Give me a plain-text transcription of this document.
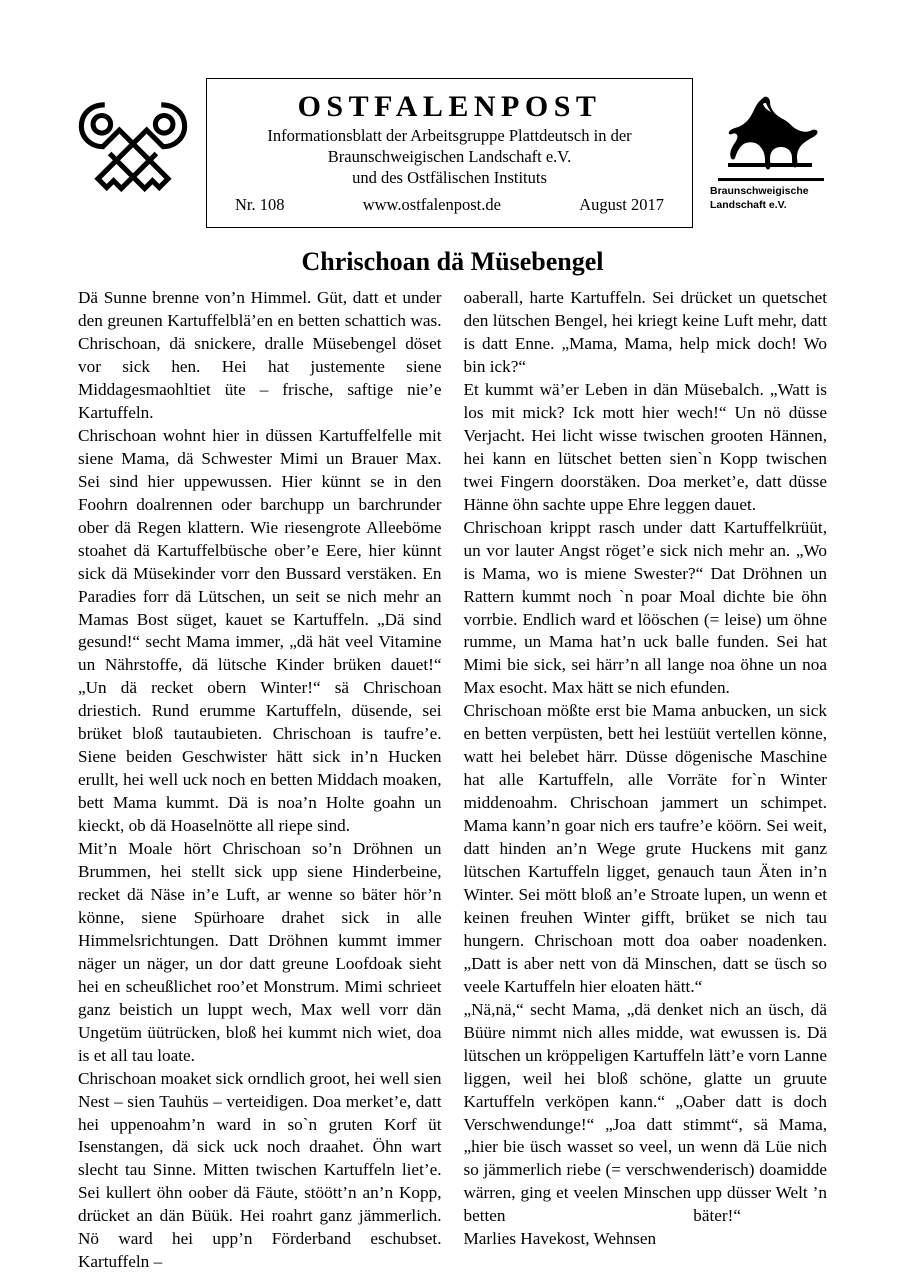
OSTFALENPOST
Informationsblatt der Arbeitsgruppe Plattdeutsch in der
Braunschweigischen Landschaft e.V.
und des Ostfälischen Instituts
Nr. 108	www.ostfalenpost.de	August 2017
Braunschweigische
Landschaft e.V.
Chrischoan dä Müsebengel

Dä Sunne brenne von’n Himmel. Güt, datt et under den greunen Kartuffelblä’en en betten schattich was. Chrischoan, dä snickere, dralle Müsebengel döset vor sick hen. Hei hat justemente siene Middagesmaohltiet üte – frische, saftige nie’e Kartuffeln.

Chrischoan wohnt hier in düssen Kartuffelfelle mit siene Mama, dä Schwester Mimi un Brauer Max. Sei sind hier uppewussen. Hier künnt se in den Foohrn doalrennen oder barchupp un barchrunder ober dä Regen klattern. Wie riesengrote Alleeböme stoahet dä Kartuffelbüsche ober’e Eere, hier künnt sick dä Müsekinder vorr den Bussard verstäken. En Paradies forr dä Lütschen, un seit se nich mehr an Mamas Bost süget, kauet se Kartuffeln. „Dä sind gesund!“ secht Mama immer, „dä hät veel Vitamine un Nährstoffe, dä lütsche Kinder brüken dauet!“ „Un dä recket obern Winter!“ sä Chrischoan driestich. Rund erumme Kartuffeln, düsende, sei brüket bloß tautaubieten. Chrischoan is taufre’e. Siene beiden Geschwister hätt sick in’n Hucken erullt, hei well uck noch en betten Middach moaken, bett Mama kummt. Dä is noa’n Holte goahn un kieckt, ob dä Hoaselnötte all riepe sind.

Mit’n Moale hört Chrischoan so’n Dröhnen un Brummen, hei stellt sick upp siene Hinderbeine, recket dä Näse in’e Luft, ar wenne so bäter hör’n könne, siene Spürhoare drahet sick in alle Himmelsrichtungen. Datt Dröhnen kummt immer näger un näger, un dor datt greune Loofdoak sieht hei en scheußlichet roo’et Monstrum. Mimi schrieet ganz beistich un luppt wech, Max well vorr dän Ungetüm üütrücken, bloß hei kummt nich wiet, doa is et all tau loate.

Chrischoan moaket sick orndlich groot, hei well sien Nest – sien Tauhüs – verteidigen. Doa merket’e, datt hei uppenoahm’n ward in so`n gruten Korf üt Isenstangen, dä sick uck noch draahet. Öhn wart slecht tau Sinne. Mitten twischen Kartuffeln liet’e. Sei kullert öhn oober dä Fäute, stöött’n an’n Kopp, drücket an dän Büük. Hei roahrt ganz jämmerlich. Nö ward hei upp’n Förderband eschubset. Kartuffeln –

oaberall, harte Kartuffeln. Sei drücket un quetschet den lütschen Bengel, hei kriegt keine Luft mehr, datt is datt Enne. „Mama, Mama, help mick doch! Wo bin ick?“

Et kummt wä’er Leben in dän Müsebalch. „Watt is los mit mick? Ick mott hier wech!“ Un nö düsse Verjacht. Hei licht wisse twischen grooten Hännen, hei kann en lütschet betten sien`n Kopp twischen twei Fingern doorstäken. Doa merket’e, datt düsse Hänne öhn sachte uppe Ehre leggen dauet.

Chrischoan krippt rasch under datt Kartuffelkrüüt, un vor lauter Angst röget’e sick nich mehr an. „Wo is Mama, wo is miene Swester?“ Dat Dröhnen un Rattern kummt noch `n poar Moal dichte bie öhn vorrbie. Endlich ward et lööschen (= leise) um öhne rumme, un Mama hat’n uck balle funden. Sei hat Mimi bie sick, sei härr’n all lange noa öhne un noa Max esocht. Max hätt se nich efunden.

Chrischoan mößte erst bie Mama anbucken, un sick en betten verpüsten, bett hei lestüüt vertellen könne, watt hei belebet härr. Düsse dögenische Maschine hat alle Kartuffeln, alle Vorräte for`n Winter middenoahm. Chrischoan jammert un schimpet. Mama kann’n goar nich ers taufre’e köörn. Sei weit, datt hinden an’n Wege grute Huckens mit ganz lütschen Kartuffeln ligget, genauch taun Äten in’n Winter. Sei mött bloß an’e Stroate lupen, un wenn et keinen freuhen Winter gifft, brüket se nich tau hungern. Chrischoan mott doa oaber noadenken. „Datt is aber nett von dä Minschen, datt se üsch so veele Kartuffeln hier eloaten hätt.“

„Nä,nä,“ secht Mama, „dä denket nich an üsch, dä Büüre nimmt nich alles midde, wat ewussen is. Dä lütschen un kröppeligen Kartuffeln lätt’e vorn Lanne liggen, weil hei bloß schöne, glatte un gruute Kartuffeln verköpen kann.“ „Oaber datt is doch Verschwendunge!“ „Joa datt stimmt“, sä Mama, „hier bie üsch wasset so veel, un wenn dä Lüe nich so jämmerlich riebe (= verschwenderisch) doamidde wärren, ging et veelen Minschen upp düsser Welt ’n betten bäter!“Marlies Havekost, Wehnsen
